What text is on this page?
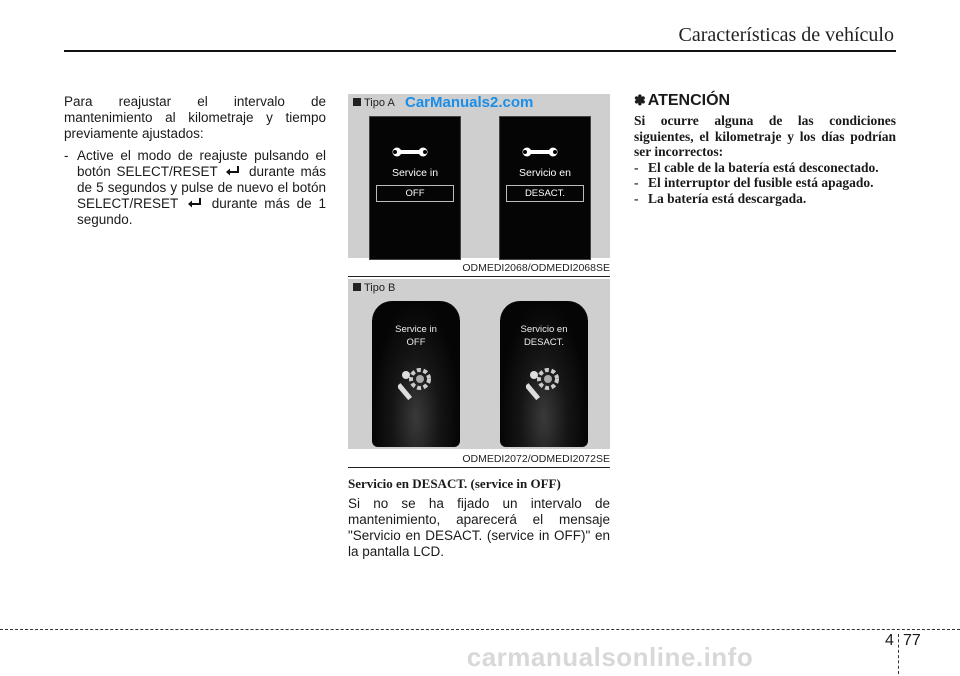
Características de vehículo

Para reajustar el intervalo de mantenimiento al kilometraje y tiempo previamente ajustados:

- Active el modo de reajuste pulsando el botón SELECT/RESET durante más de 5 segundos y pulse de nuevo el botón SELECT/RESET durante más de 1 segundo.
Tipo A CarManuals2.com
Service in
OFF
Servicio en
DESACT.
ODMEDI2068/ODMEDI2068SE
Tipo B
Service in
OFF
Servicio en
DESACT.
ODMEDI2072/ODMEDI2072SE
Servicio en DESACT. (service in OFF)

Si no se ha fijado un intervalo de mantenimiento, aparecerá el mensaje "Servicio en DESACT. (service in OFF)" en la pantalla LCD.

✽ ATENCIÓN

Si ocurre alguna de las condiciones siguientes, el kilometraje y los días podrían ser incorrectos:

- El cable de la batería está desconectado.
- El interruptor del fusible está apagado.
- La batería está descargada.
4 77
carmanualsonline.info
